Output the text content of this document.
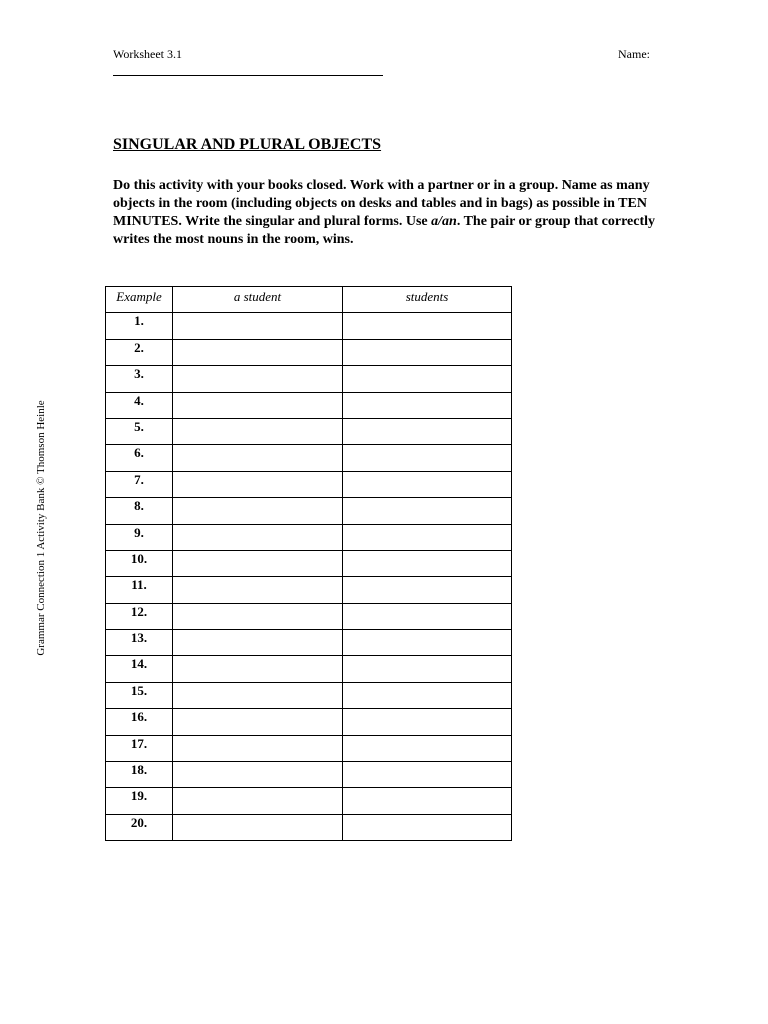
Worksheet 3.1	Name:
SINGULAR AND PLURAL OBJECTS

Do this activity with your books closed. Work with a partner or in a group. Name as many objects in the room (including objects on desks and tables and in bags) as possible in TEN MINUTES. Write the singular and plural forms. Use a/an. The pair or group that correctly writes the most nouns in the room, wins.

Example	a student	students
1.		
2.		
3.		
4.		
5.		
6.		
7.		
8.		
9.		
10.		
11.		
12.		
13.		
14.		
15.		
16.		
17.		
18.		
19.		
20.		
Grammar Connection 1 Activity Bank © Thomson Heinle
